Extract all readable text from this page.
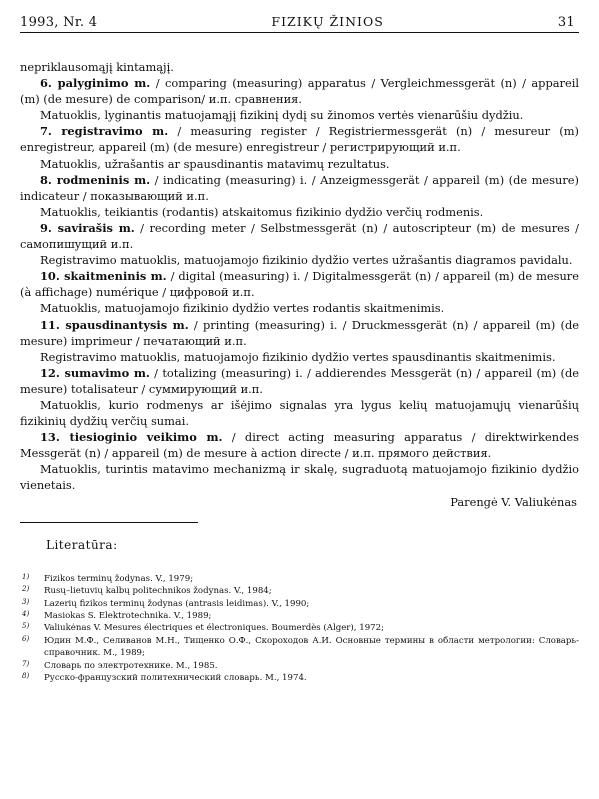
1993, Nr. 4	FIZIKŲ ŽINIOS	31

nepriklausomąjį kintamąjį.

6. palyginimo m. / comparing (measuring) apparatus / Vergleichmessgerät (n) / appareil (m) (de mesure) de comparison/ и.п. сравнения.

Matuoklis, lyginantis matuojamąjį fizikinį dydį su žinomos vertės vienarūšiu dydžiu.

7. registravimo m. / measuring register / Registriermessgerät (n) / mesureur (m) enregistreur, appareil (m) (de mesure) enregistreur / регистрирующий и.п.

Matuoklis, užrašantis ar spausdinantis matavimų rezultatus.

8. rodmeninis m. / indicating (measuring) i. / Anzeigmessgerät / appareil (m) (de mesure) indicateur / показывающий и.п.

Matuoklis, teikiantis (rodantis) atskaitomus fizikinio dydžio verčių rodmenis.

9. savirašis m. / recording meter / Selbstmessgerät (n) / autoscripteur (m) de mesures / самопишущий и.п.

Registravimo matuoklis, matuojamojo fizikinio dydžio vertes užrašantis diagramos pavidalu.

10. skaitmeninis m. / digital (measuring) i. / Digitalmessgerät (n) / appareil (m) de mesure (à affichage) numérique / цифровой и.п.

Matuoklis, matuojamojo fizikinio dydžio vertes rodantis skaitmenimis.

11. spausdinantysis m. / printing (measuring) i. / Druckmessgerät (n) / appareil (m) (de mesure) imprimeur / печатающий и.п.

Registravimo matuoklis, matuojamojo fizikinio dydžio vertes spausdinantis skaitmenimis.

12. sumavimo m. / totalizing (measuring) i. / addierendes Messgerät (n) / appareil (m) (de mesure) totalisateur / суммирующий и.п.

Matuoklis, kurio rodmenys ar išėjimo signalas yra lygus kelių matuojamųjų vienarūšių fizikinių dydžių verčių sumai.

13. tiesioginio veikimo m. / direct acting measuring apparatus / direktwirkendes Messgerät (n) / appareil (m) de mesure à action directe / и.п. прямого действия.

Matuoklis, turintis matavimo mechanizmą ir skalę, sugraduotą matuojamojo fizikinio dydžio vienetais.

Parengė V. Valiukėnas

Literatūra:
1)	Fizikos terminų žodynas. V., 1979;
2)	Rusų–lietuvių kalbų politechnikos žodynas. V., 1984;
3)	Lazerių fizikos terminų žodynas (antrasis leidimas). V., 1990;
4)	Masiokas S. Elektrotechnika. V., 1989;
5)	Valiukėnas V. Mesures électriques et électroniques. Boumerdès (Alger), 1972;
6)	Юдин М.Ф., Селиванов М.Н., Тищенко О.Ф., Скороходов А.И. Основные термины в области метрологии: Словарь-справочник. М., 1989;
7)	Словарь по электротехнике. М., 1985.
8)	Русско-французский политехнический словарь. М., 1974.
